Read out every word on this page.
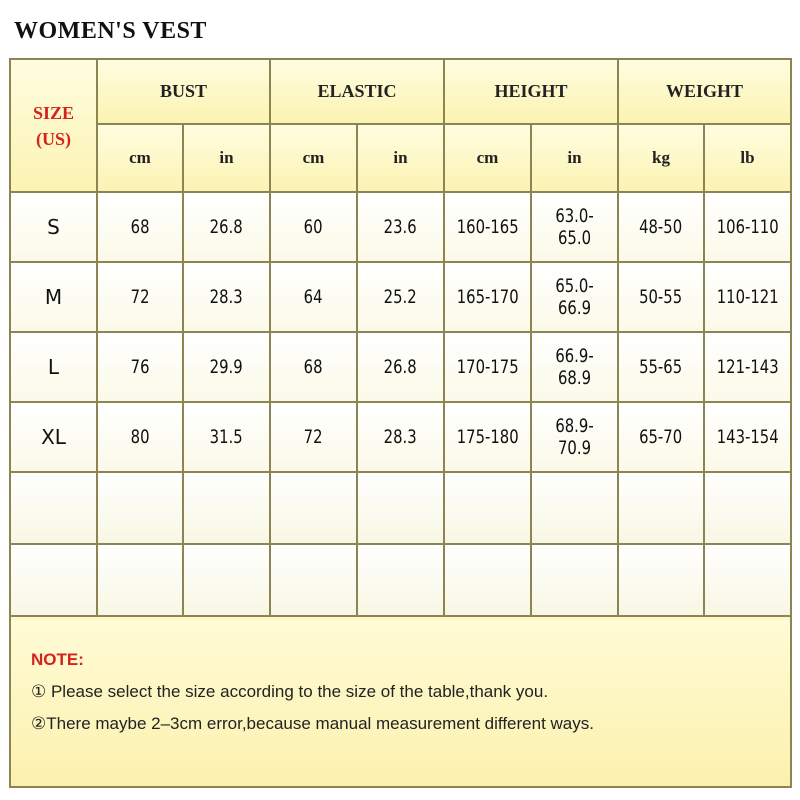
WOMEN'S VEST
SIZE
(US)	BUST		ELASTIC		HEIGHT		WEIGHT	
	cm	in	cm	in	cm	in	kg	lb
S	68	26.8	60	23.6	160-165	63.0-65.0	48-50	106-110
M	72	28.3	64	25.2	165-170	65.0-66.9	50-55	110-121
L	76	29.9	68	26.8	170-175	66.9-68.9	55-65	121-143
XL	80	31.5	72	28.3	175-180	68.9-70.9	65-70	143-154

NOTE:
① Please select the size according to the size of the table,thank you.
②There maybe 2–3cm error,because manual measurement different ways.
